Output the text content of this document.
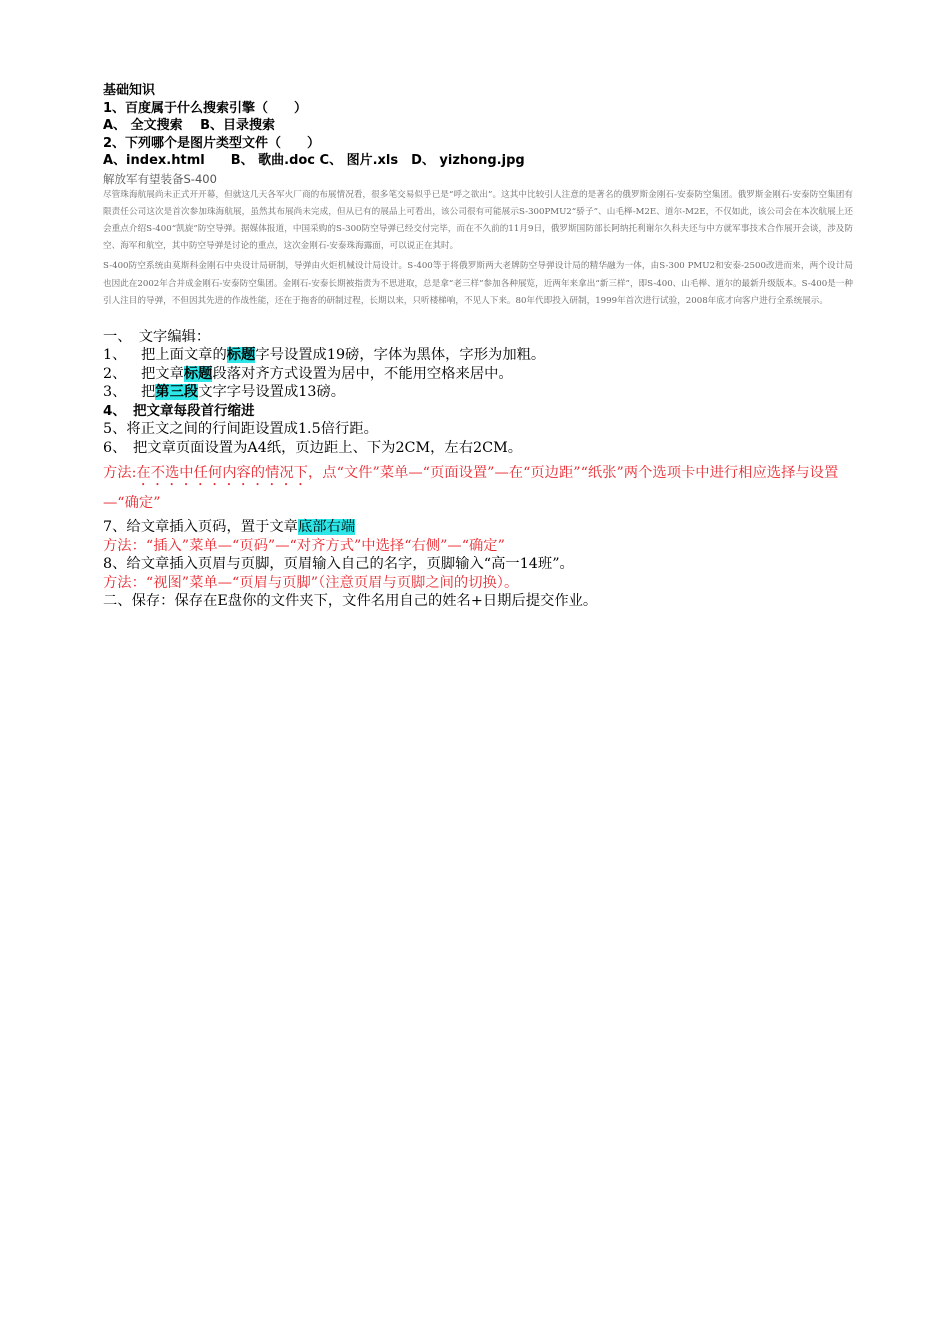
基础知识
1、百度属于什么搜索引擎（　　）
A、 全文搜索　 B、目录搜索
2、下列哪个是图片类型文件（　　）
A、index.html　　B、 歌曲.doc C、 图片.xls　D、 yizhong.jpg
解放军有望装备S-400

尽管珠海航展尚未正式开开幕，但就这几天各军火厂商的布展情况看，很多笔交易似乎已是“呼之欲出”。这其中比较引人注意的是著名的俄罗斯金刚石-安泰防空集团。俄罗斯金刚石-安泰防空集团有限责任公司这次是首次参加珠海航展，虽然其布展尚未完成，但从已有的展品上可看出，该公司很有可能展示S-300PMU2“骄子”、山毛榉-M2E、道尔-M2E，不仅如此，该公司会在本次航展上还会重点介绍S-400“凯旋”防空导弹。据媒体报道，中国采购的S-300防空导弹已经交付完毕，而在不久前的11月9日，俄罗斯国防部长阿纳托利谢尔久科夫还与中方就军事技术合作展开会谈，涉及防空、海军和航空，其中防空导弹是讨论的重点，这次金刚石-安泰珠海露面，可以说正在其时。

S-400防空系统由莫斯科金刚石中央设计局研制，导弹由火炬机械设计局设计。S-400等于将俄罗斯两大老牌防空导弹设计局的精华融为一体，由S-300 PMU2和安泰-2500改进而来，两个设计局也因此在2002年合并成金刚石-安泰防空集团。金刚石-安泰长期被指责为不思进取，总是拿“老三样”参加各种展览，近两年来拿出“新三样”，即S-400、山毛榉、道尔的最新升级版本。S-400是一种引人注目的导弹，不但因其先进的作战性能，还在于拖沓的研制过程，长期以来，只听楼梯响，不见人下来。80年代即投入研制，1999年首次进行试验，2008年底才向客户进行全系统展示。

一、　文字编辑：
1、 把上面文章的标题字号设置成19磅，字体为黑体，字形为加粗。
2、 把文章标题段落对齐方式设置为居中，不能用空格来居中。
3、 把第三段文字字号设置成13磅。
4、 把文章每段首行缩进
5、将正文之间的行间距设置成1.5倍行距。
6、 把文章页面设置为A4纸，页边距上、下为2CM，左右2CM。
方法:在不选中任何内容的情况下，点“文件”菜单—“页面设置”—在“页边距”“纸张”两个选项卡中进行相应选择与设置—“确定”
7、给文章插入页码，置于文章底部右端
方法：“插入”菜单—“页码”—“对齐方式”中选择“右侧”—“确定”
8、给文章插入页眉与页脚，页眉输入自己的名字，页脚输入“高一14班”。
方法：“视图”菜单—“页眉与页脚”（注意页眉与页脚之间的切换）。
二、保存：保存在E盘你的文件夹下，文件名用自己的姓名+日期后提交作业。
